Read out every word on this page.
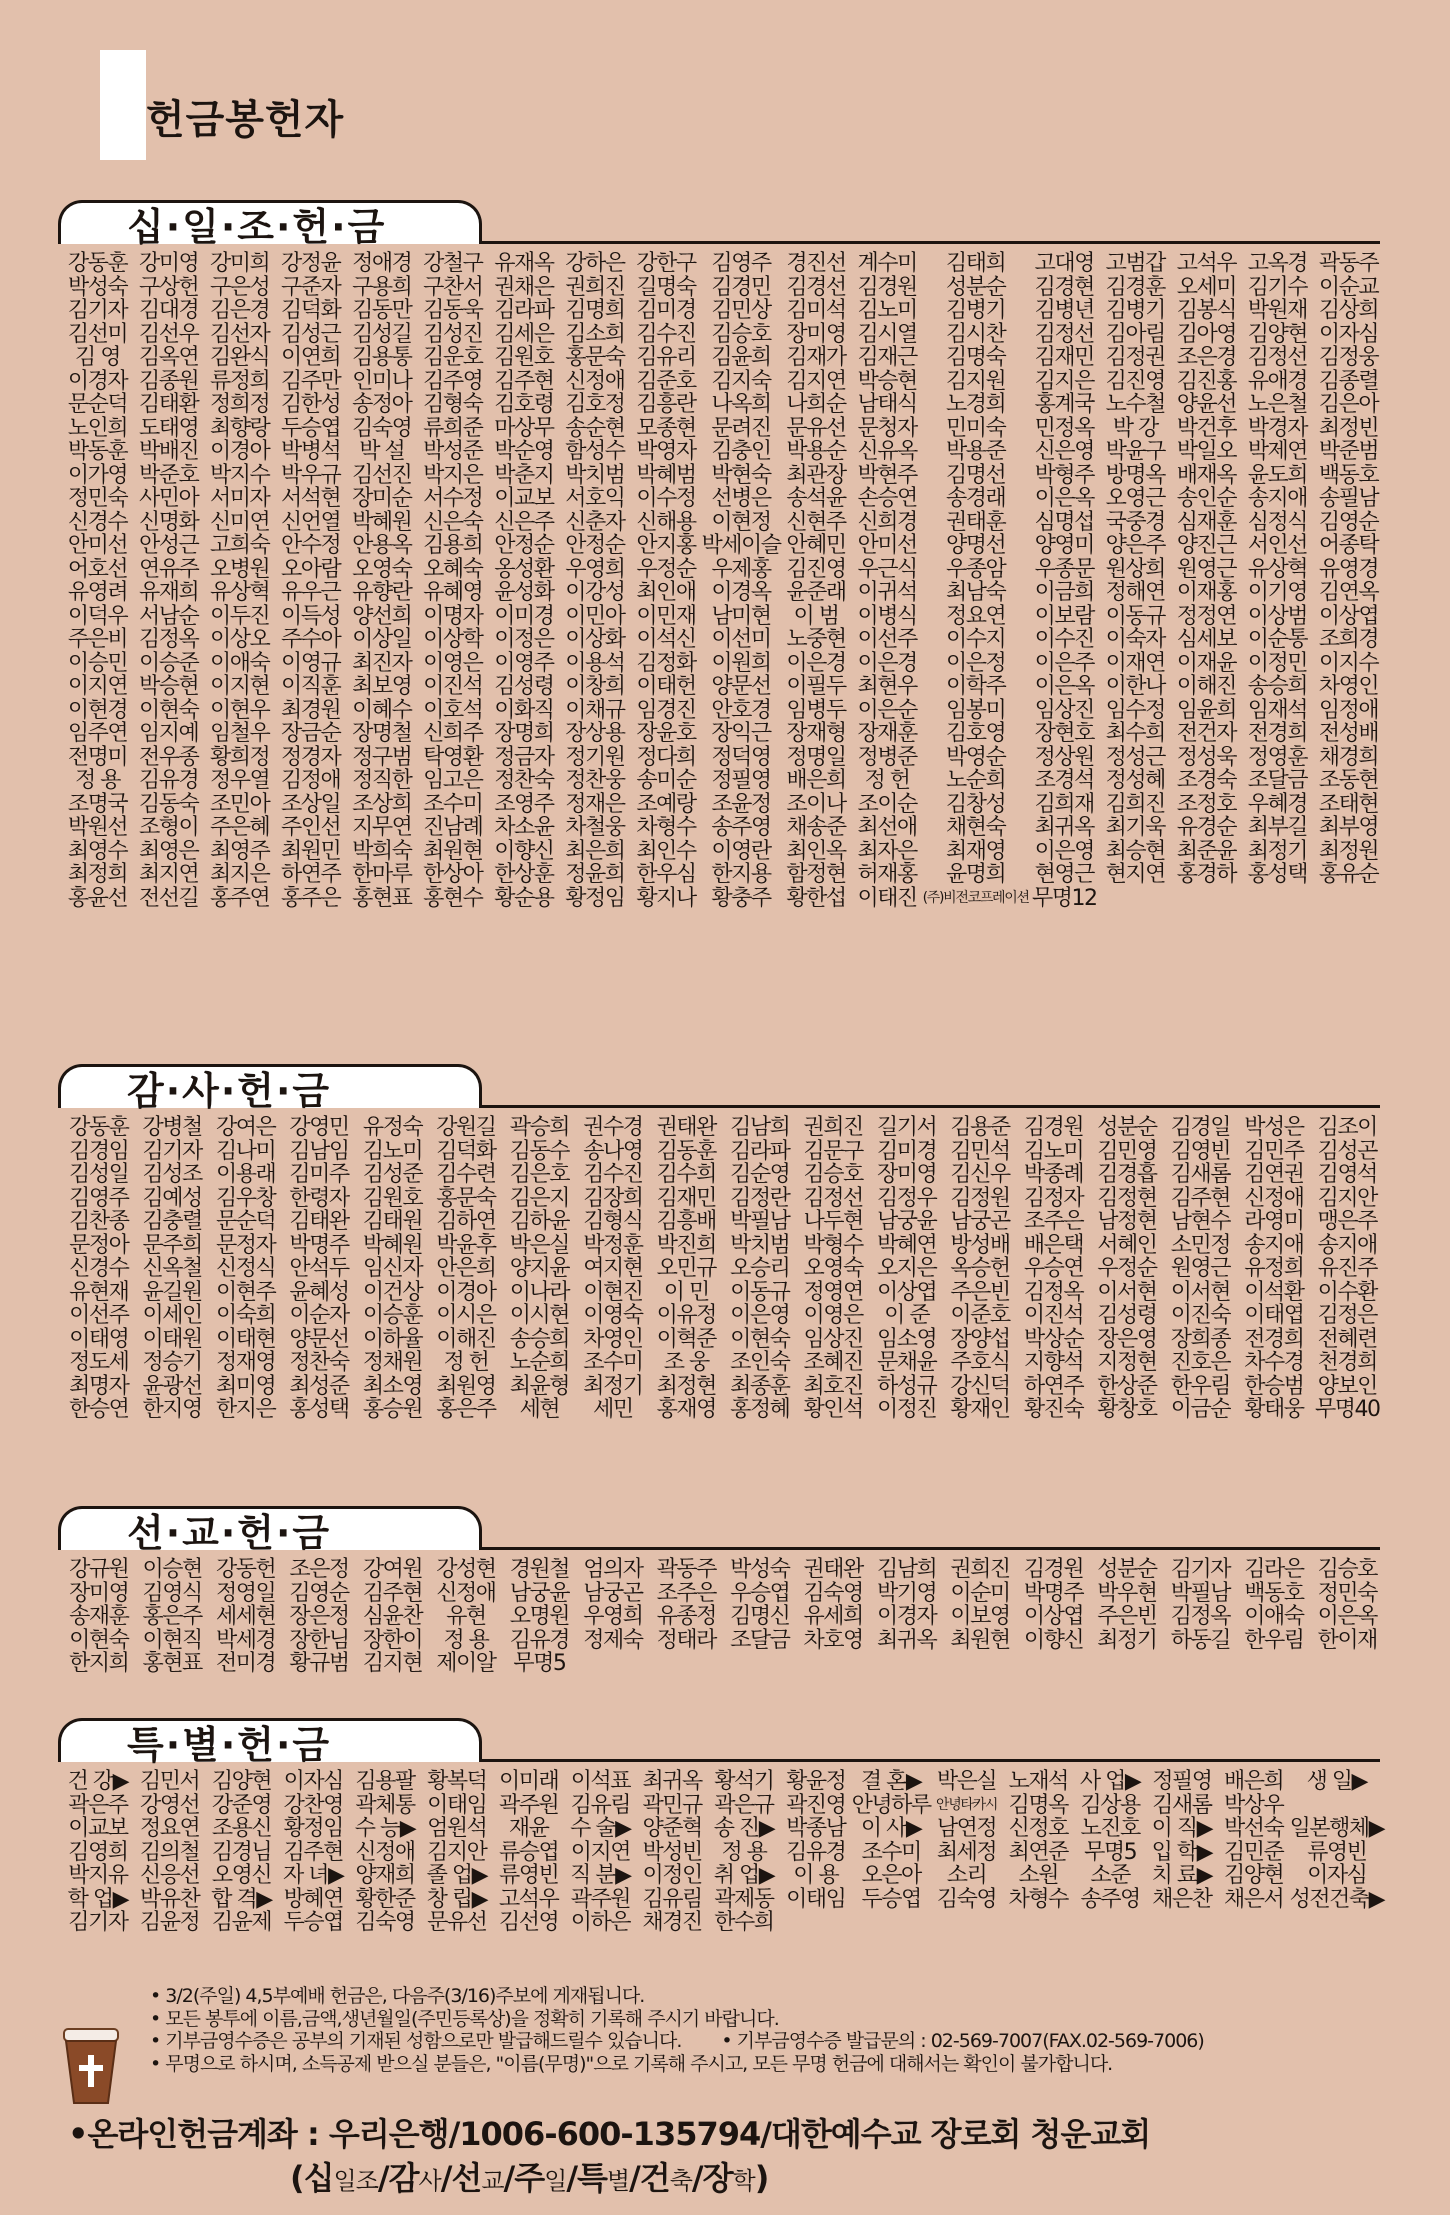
헌금봉헌자
십·일·조·헌·금
강동훈 강미영 강미희 강정윤 정애경 강철구 유재옥 강하은 강한구 김영주 경진선 계수미	김태희	고대영 고범갑 고석우 고옥경 곽동주
박성숙 구상헌 구은성 구준자 구용희 구찬서 권채은 권희진 길명숙 김경민 김경선 김경원	성분순	김경현 김경훈 오세미 김기수 이순교
김기자 김대경 김은경 김덕화 김동만 김동욱 김라파 김명희 김미경 김민상 김미석 김노미	김병기	김병년 김병기 김봉식 박원재 김상희
김선미 김선우 김선자 김성근 김성길 김성진 김세은 김소희 김수진 김승호 장미영 김시열	김시찬	김정선 김아림 김아영 김양현 이자심
김 영 김옥연 김완식 이연희 김용통 김운호 김원호 홍문숙 김유리 김윤희 김재가 김재근	김명숙	김재민 김정권 조은경 김정선 김정웅
이경자 김종원 류정희 김주만 인미나 김주영 김주현 신정애 김준호 김지숙 김지연 박승현	김지원	김지은 김진영 김진홍 유애경 김종렬
문순덕 김태환 정희정 김한성 송정아 김형숙 김호령 김호정 김흥란 나옥희 나희순 남태식	노경희	홍계국 노수철 양윤선 노은철 김은아
노인희 도태영 최향랑 두승엽 김숙영 류희준 마상무 송순현 모종현 문려진 문유선 문청자	민미숙	민정옥 박 강 박건후 박경자 최정빈
박동훈 박배진 이경아 박병석 박 설 박성준 박순영 함성수 박영자 김충인 박용순 신유옥	박용준	신은영 박윤구 박일오 박제연 박준범
이가영 박준호 박지수 박우규 김선진 박지은 박춘지 박치범 박혜범 박현숙 최관장 박현주	김명선	박형주 방명옥 배재옥 윤도희 백동호
정민숙 사민아 서미자 서석현 장미순 서수정 이교보 서호익 이수정 선병은 송석윤 손승연	송경래	이은옥 오영근 송인순 송지애 송필남
신경수 신명화 신미연 신언열 박혜원 신은숙 신은주 신춘자 신해용 이현정 신현주 신희경	권태훈	심명섭 국중경 심재훈 심정식 김영순
안미선 안성근 고희숙 안수정 안용옥 김용희 안정순 안정순 안지홍 박세이슬 안혜민 안미선	양명선	양영미 양은주 양진근 서인선 어종탁
어호선 연유주 오병원 오아람 오영숙 오혜숙 옹성환 우영희 우정순 우제홍 김진영 우근식	우종암	우종문 원상희 원영근 유상혁 유영경
유영려 유재희 유상혁 유우근 유향란 유혜영 윤성화 이강성 최인애 이경옥 윤준래 이귀석	최남숙	이금희 정해연 이재홍 이기영 김연옥
이덕우 서남순 이두진 이득성 양선희 이명자 이미경 이민아 이민재 남미현	이 범 이병식	정요연	이보람 이동규 정정연 이상범 이상엽
주은비 김정옥 이상오 주수아 이상일 이상학 이정은 이상화 이석신 이선미 노중현 이선주	이수지	이수진 이숙자 심세보 이순통 조희경
이승민 이승준 이애숙 이영규 최진자 이영은 이영주 이용석 김정화 이원희 이은경 이은경	이은정	이은주 이재연 이재윤 이정민 이지수
이지연 박승현 이지현 이직훈 최보영 이진석 김성령 이창희 이태헌 양문선 이필두 최현우	이학주	이은옥 이한나 이해진 송승희 차영인
이현경 이현숙 이현우 최경원 이혜수 이호석 이화직 이채규 임경진 안호경 임병두 이은순	임봉미	임상진 임수정 임윤희 임재석 임정애
임주연 임지예 임철우 장금순 장명철 신희주 장명희 장상용 장윤호 장익근 장재형 장재훈	김호영	장현호 최수희 전건자 전경희 전성배
전명미 전우종 황희정 정경자 정구범 탁영환 정금자 정기원 정다희 정덕영 정명일 정병준	박영순	정상원 정성근 정성욱 정영훈 채경희
정 용 김유경 정우열 김정애 정직한 임고은 정찬숙 정찬웅 송미순 정필영 배은희 정 헌	노순희	조경석 정성혜 조경숙 조달금 조동현
조명국 김동숙 조민아 조상일 조상희 조수미 조영주 정재은 조예랑 조윤정 조이나 조이순	김창성	김희재 김희진 조정호 우혜경 조태현
박원선 조형이 주은혜 주인선 지무연 진남례 차소윤 차철웅 차형수 송주영 채송준 최선애	채현숙	최귀옥 최기욱 유경순 최부길 최부영
최영수 최영은 최영주 최원민 박희숙 최원현 이향신 최은희 최인수 이영란 최인옥 최자은	최재영	이은영 최승현 최준윤 최정기 최정원
최정희 최지연 최지은 하연주 한마루 한상아 한상훈 정윤희 한우심 한지용 함정현 허재홍	윤명희	현영근 현지연 홍경하 홍성택 홍유순
홍윤선 전선길 홍주연 홍주은 홍현표 홍현수 황순용 황정임 황지나 황충주 황한섭 이태진 (주)비전코프레이션 무명12
감·사·헌·금
강동훈 강병철 강여은 강영민 유정숙 강원길 곽승희 권수경 권태완 김남희 권희진 길기서 김용준 김경원 성분순 김경일 박성은 김조이
김경임 김기자 김나미 김남임 김노미 김덕화 김동수 송나영 김동훈 김라파 김문구 김미경 김민석 김노미 김민영 김영빈 김민주 김성곤
김성일 김성조 이용래 김미주 김성준 김수련 김은호 김수진 김수희 김순영 김승호 장미영 김신우 박종례 김경흡 김새롬 김연권 김영석
김영주 김예성 김우창 한령자 김원호 홍문숙 김은지 김장희 김재민 김정란 김정선 김정우 김정원 김정자 김정현 김주현 신정애 김지안
김찬종 김충렬 문순덕 김태완 김태원 김하연 김하윤 김형식 김흥배 박필남 나두현 남궁윤 남궁곤 조주은 남정현 남현수 라영미 맹은주
문정아 문주희 문정자 박명주 박혜원 박윤후 박은실 박정훈 박진희 박치범 박형수 박혜연 방성배 배은택 서혜인 소민정 송지애 송지애
신경수 신옥철 신정식 안석두 임신자 안은희 양지윤 여지현 오민규 오승리 오영숙 오지은 옥승헌 우승연 우정순 원영근 유정희 유진주
유현재 윤길원 이현주 윤혜성 이건상 이경아 이나라 이현진 이 민 이동규 정영연 이상엽 주은빈 김정옥 이서현 이서현 이석환 이수환
이선주 이세인 이숙희 이순자 이승훈 이시은 이시현 이영숙 이유정 이은영 이영은 이 준 이준호 이진석 김성령 이진숙 이태엽 김정은
이태영 이태원 이태현 양문선 이하율 이해진 송승희 차영인 이혁준 이현숙 임상진 임소영 장양섭 박상순 장은영 장희종 전경희 전혜련
정도세 정승기 정재영 정찬숙 정채원 정 헌 노순희 조수미 조 웅 조인숙 조혜진 문채윤 주호식 지향석 지정현 진호은 차수경 천경희
최명자 윤광선 최미영 최성준 최소영 최원영 최윤형 최정기 최정현 최종훈 최호진 하성규 강신덕 하연주 한상준 한우림 한승범 양보인
한승연 한지영 한지은 홍성택 홍승원 홍은주	세현	세민	홍재영 홍정혜 황인석 이정진 황재인 황진숙 황창호 이금순 황태웅 무명40
선·교·헌·금
강규원 이승현 강동헌 조은정 강여원 강성현 경원철 엄의자 곽동주 박성숙 권태완 김남희 권희진 김경원 성분순 김기자 김라은 김승호
장미영 김영식 정영일 김영순 김주현 신정애 남궁윤 남궁곤 조주은 우승엽 김숙영 박기영 이순미 박명주 박우현 박필남 백동호 정민숙
송재훈 홍은주 세세현 장은정 심윤찬	유현	오명원 우영희 유종정 김명신 유세희 이경자 이보영 이상엽 주은빈 김정옥 이애숙 이은옥
이현숙 이현직 박세경 장한님 장한이 정 용 김유경 정제숙 정태라 조달금 차호영 최귀옥 최원현 이향신 최정기 하동길 한우림 한이재
한지희 홍현표 전미경 황규범 김지현 제이알 무명5
특·별·헌·금
건 강▶ 김민서 김양현 이자심 김용팔 황복덕 이미래 이석표 최귀옥 황석기 황윤정 결 혼▶ 박은실 노재석 사 업▶ 정필영 배은희	생 일▶
곽은주 강영선 강준영 강찬영 곽체통 이태임 곽주원 김유림 곽민규 곽은규 곽진영 안녕하루 안녕타카시 김명옥 김상용 김새롬 박상우
이교보 정요연 조용신 황정임 수 능▶ 엄원석	재윤 수 술▶ 양준혁 송 진▶ 박종남 이 사▶ 남연정 신정호 노진호 이 직▶ 박선숙 일본행체▶
김영희 김의철 김경님 김주현 신정애 김지안 류승엽 이지연 박성빈 정 용 김유경 조수미 최세정 최연준 무명5 입 학▶ 김민준	류영빈
박지유 신응선 오영신 자 녀▶ 양재희 졸 업▶ 류영빈 직 분▶ 이정인 취 업▶ 이 용	오은아	소리	소원	소준 치 료▶ 김양현	이자심
학 업▶ 박유찬 합 격▶ 방혜연 황한준 창 립▶ 고석우 곽주원 김유림 곽제동 이태임 두승엽 김숙영 차형수 송주영 채은찬 채은서 성전건축▶
김기자 김윤정 김윤제 두승엽 김숙영 문유선 김선영 이하은 채경진 한수희
• 3/2(주일) 4,5부예배 헌금은, 다음주(3/16)주보에 게재됩니다.
• 모든 봉투에 이름,금액,생년월일(주민등록상)을 정확히 기록해 주시기 바랍니다.
• 기부금영수증은 공부의 기재된 성함으로만 발급해드릴수 있습니다. • 기부금영수증 발급문의 : 02-569-7007(FAX.02-569-7006)
• 무명으로 하시며, 소득공제 받으실 분들은, "이름(무명)"으로 기록해 주시고, 모든 무명 헌금에 대해서는 확인이 불가합니다.
•온라인헌금계좌 : 우리은행/1006-600-135794/대한예수교 장로회 청운교회
(십일조/감사/선교/주일/특별/건축/장학)
